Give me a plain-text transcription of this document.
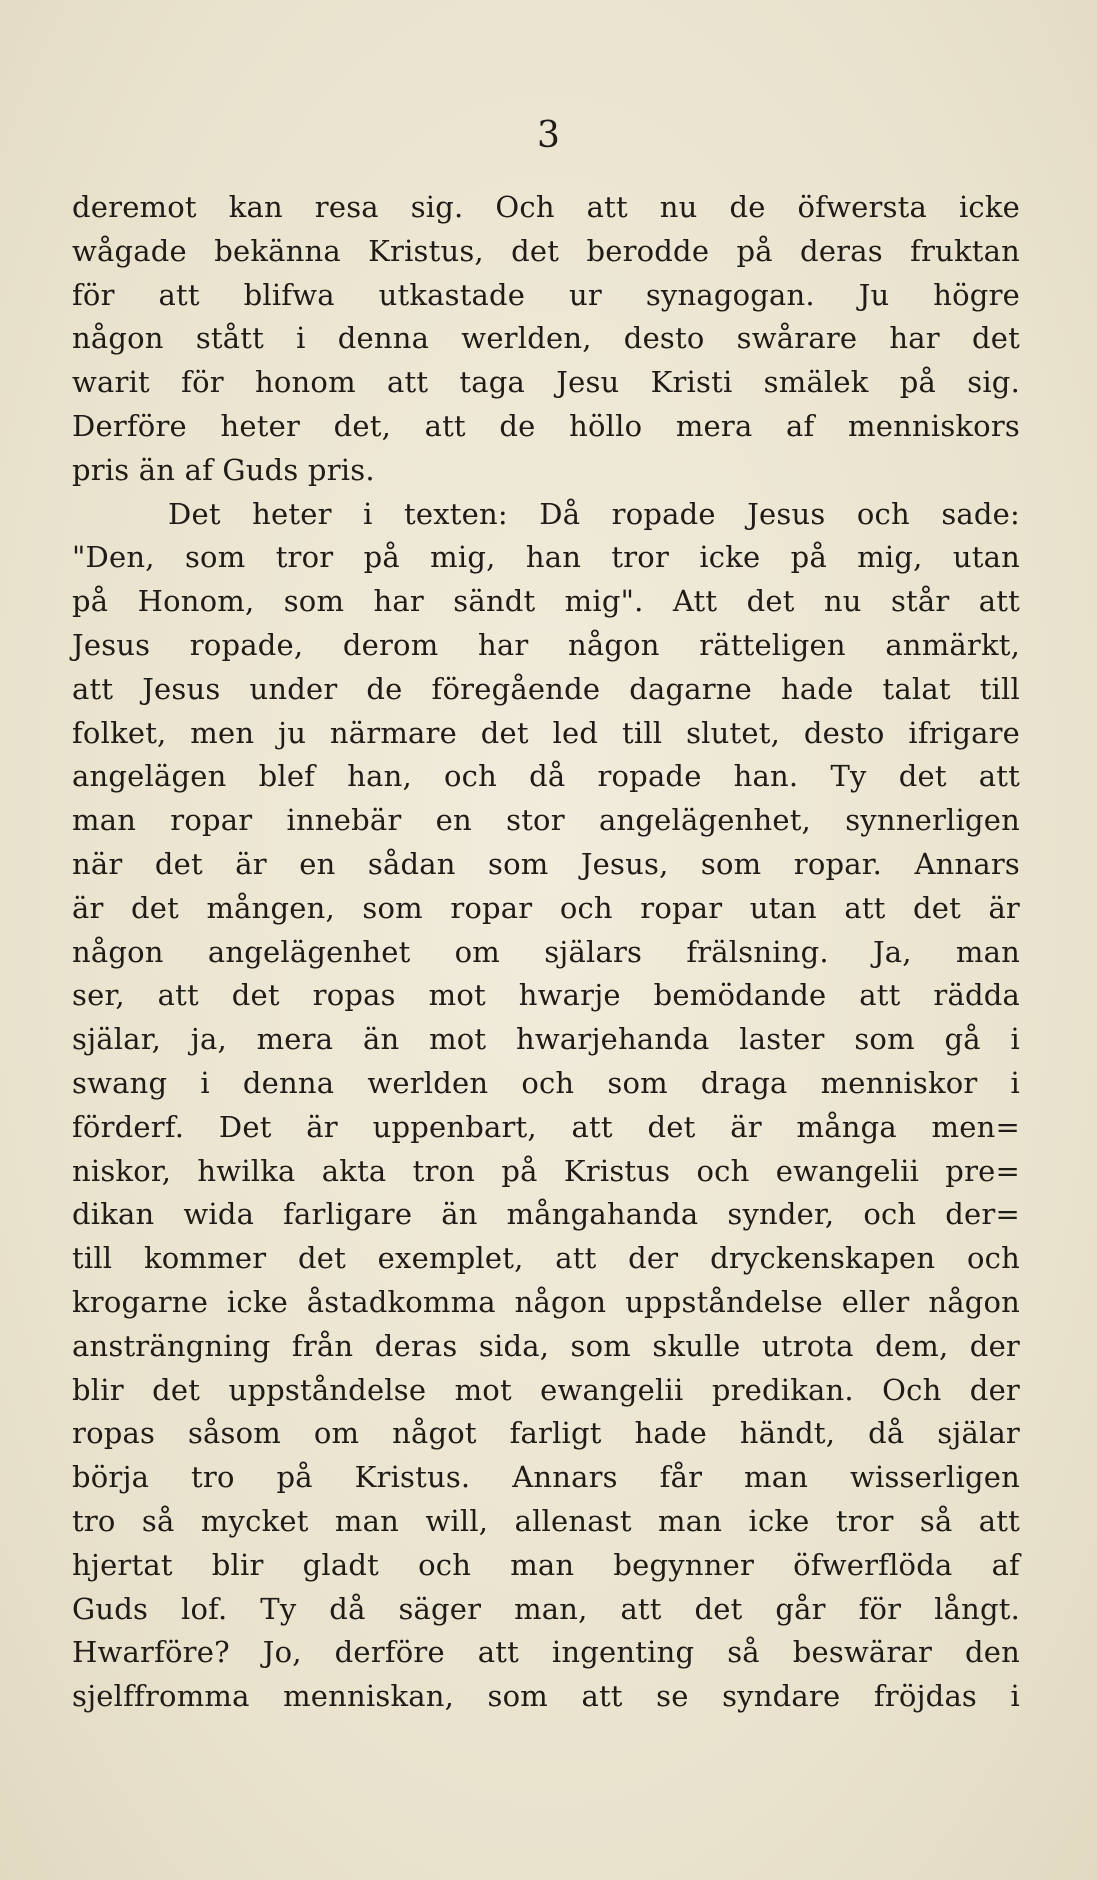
3
deremot kan resa sig. Och att nu de öfwersta icke
wågade bekänna Kristus, det berodde på deras fruktan
för att blifwa utkastade ur synagogan. Ju högre
någon stått i denna werlden, desto swårare har det
warit för honom att taga Jesu Kristi smälek på sig.
Derföre heter det, att de höllo mera af menniskors
pris än af Guds pris.
Det heter i texten: Då ropade Jesus och sade:
"Den, som tror på mig, han tror icke på mig, utan
på Honom, som har sändt mig". Att det nu står att
Jesus ropade, derom har någon rätteligen anmärkt,
att Jesus under de föregående dagarne hade talat till
folket, men ju närmare det led till slutet, desto ifrigare
angelägen blef han, och då ropade han. Ty det att
man ropar innebär en stor angelägenhet, synnerligen
när det är en sådan som Jesus, som ropar. Annars
är det mången, som ropar och ropar utan att det är
någon angelägenhet om själars frälsning. Ja, man
ser, att det ropas mot hwarje bemödande att rädda
själar, ja, mera än mot hwarjehanda laster som gå i
swang i denna werlden och som draga menniskor i
förderf. Det är uppenbart, att det är många men=
niskor, hwilka akta tron på Kristus och ewangelii pre=
dikan wida farligare än mångahanda synder, och der=
till kommer det exemplet, att der dryckenskapen och
krogarne icke åstadkomma någon uppståndelse eller någon
ansträngning från deras sida, som skulle utrota dem, der
blir det uppståndelse mot ewangelii predikan. Och der
ropas såsom om något farligt hade händt, då själar
börja tro på Kristus. Annars får man wisserligen
tro så mycket man will, allenast man icke tror så att
hjertat blir gladt och man begynner öfwerflöda af
Guds lof. Ty då säger man, att det går för långt.
Hwarföre? Jo, derföre att ingenting så beswärar den
sjelffromma menniskan, som att se syndare fröjdas i
